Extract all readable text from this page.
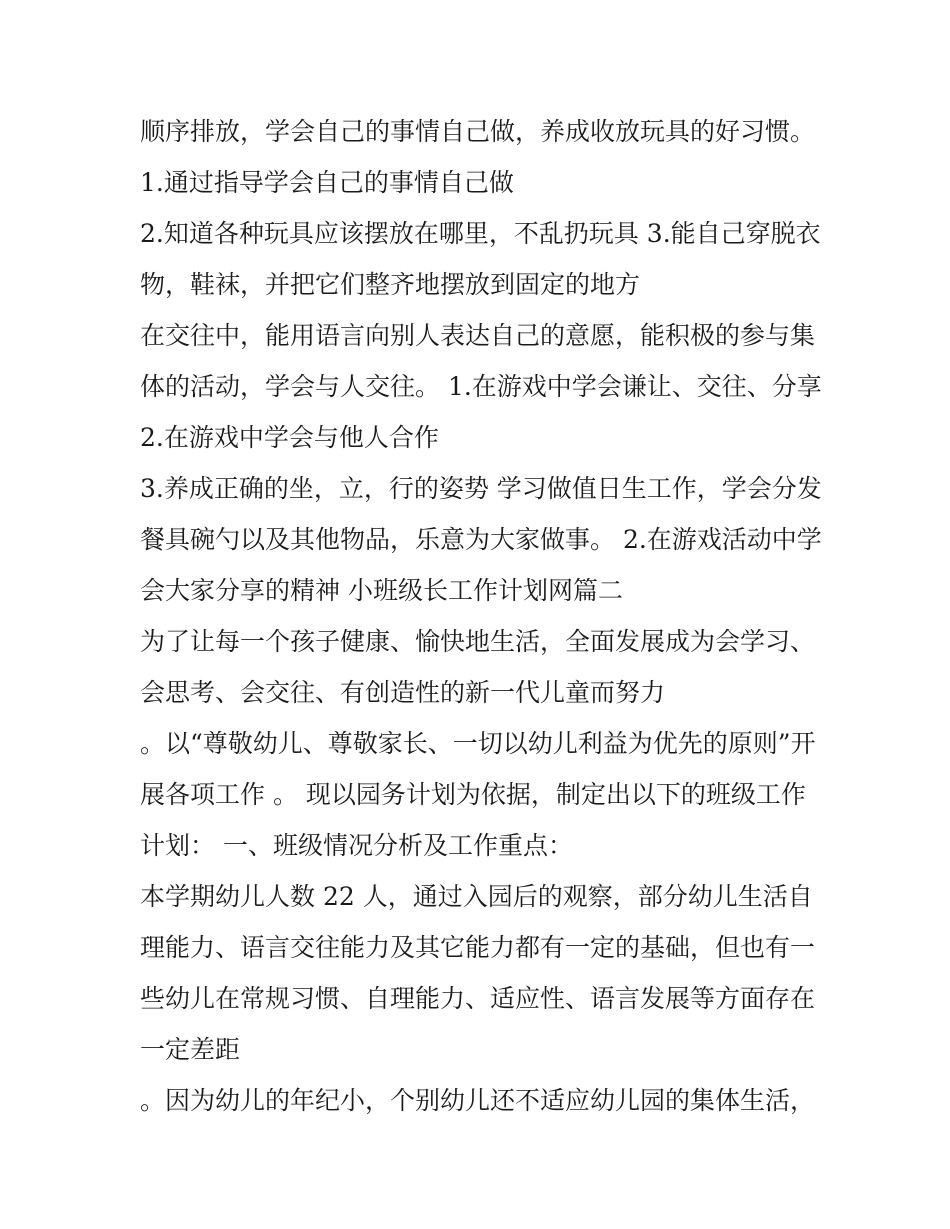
顺序排放，学会自己的事情自己做，养成收放玩具的好习惯。
1.通过指导学会自己的事情自己做
2.知道各种玩具应该摆放在哪里，不乱扔玩具 3.能自己穿脱衣
物，鞋袜，并把它们整齐地摆放到固定的地方
在交往中，能用语言向别人表达自己的意愿，能积极的参与集
体的活动，学会与人交往。 1.在游戏中学会谦让、交往、分享
2.在游戏中学会与他人合作
3.养成正确的坐，立，行的姿势 学习做值日生工作，学会分发
餐具碗勺以及其他物品，乐意为大家做事。 2.在游戏活动中学
会大家分享的精神 小班级长工作计划网篇二
为了让每一个孩子健康、愉快地生活，全面发展成为会学习、
会思考、会交往、有创造性的新一代儿童而努力
。以“尊敬幼儿、尊敬家长、一切以幼儿利益为优先的原则”开
展各项工作 。 现以园务计划为依据，制定出以下的班级工作
计划： 一、班级情况分析及工作重点：
本学期幼儿人数 22 人，通过入园后的观察，部分幼儿生活自
理能力、语言交往能力及其它能力都有一定的基础，但也有一
些幼儿在常规习惯、自理能力、适应性、语言发展等方面存在
一定差距
。因为幼儿的年纪小，个别幼儿还不适应幼儿园的集体生活，
